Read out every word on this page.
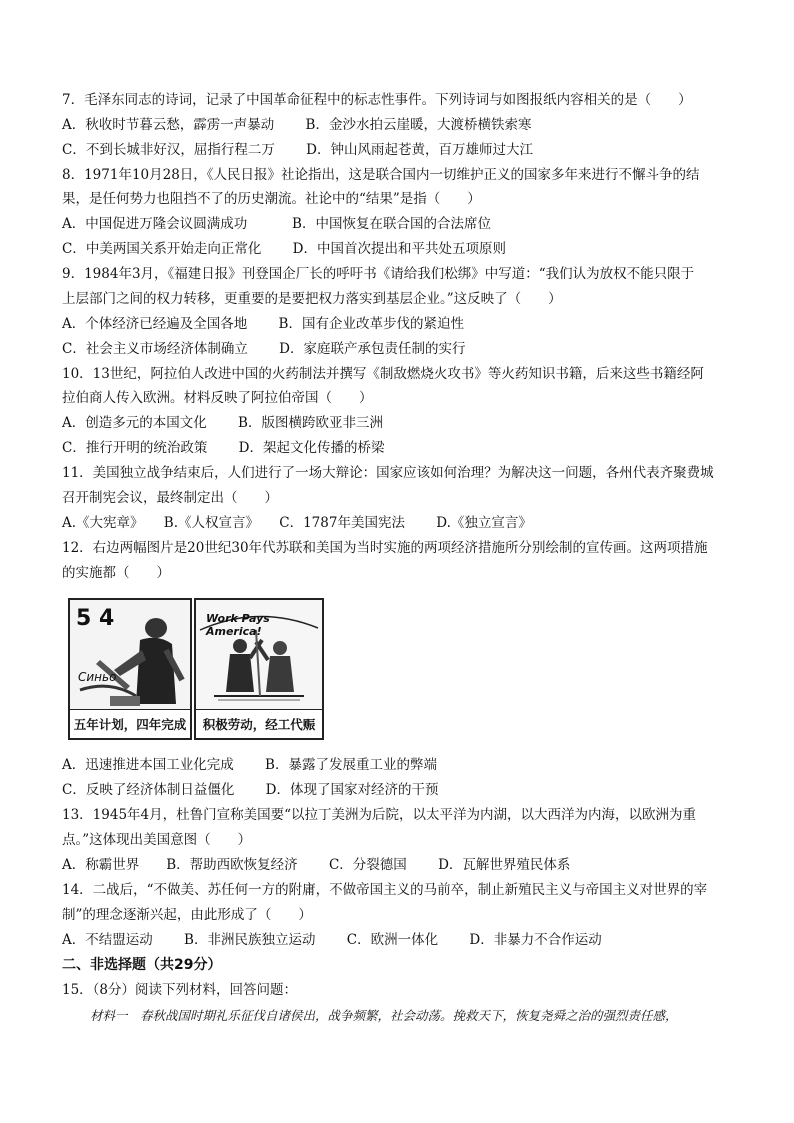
7．毛泽东同志的诗词，记录了中国革命征程中的标志性事件。下列诗词与如图报纸内容相关的是（　　）
A．秋收时节暮云愁，霹雳一声暴动　　 B．金沙水拍云崖暖，大渡桥横铁索寒
C．不到长城非好汉，屈指行程二万　　 D．钟山风雨起苍黄，百万雄师过大江
8．1971年10月28日，《人民日报》社论指出，这是联合国内一切维护正义的国家多年来进行不懈斗争的结
果，是任何势力也阻挡不了的历史潮流。社论中的“结果”是指（　　）
A．中国促进万隆会议圆满成功　　　 B．中国恢复在联合国的合法席位
C．中美两国关系开始走向正常化　　 D．中国首次提出和平共处五项原则
9．1984年3月，《福建日报》刊登国企厂长的呼吁书《请给我们松绑》中写道：“我们认为放权不能只限于
上层部门之间的权力转移，更重要的是要把权力落实到基层企业。”这反映了（　　）
A．个体经济已经遍及全国各地　　 B．国有企业改革步伐的紧迫性
C．社会主义市场经济体制确立　　 D．家庭联产承包责任制的实行
10．13世纪，阿拉伯人改进中国的火药制法并撰写《制敌燃烧火攻书》等火药知识书籍，后来这些书籍经阿
拉伯商人传入欧洲。材料反映了阿拉伯帝国（　　）
A．创造多元的本国文化　　 B．版图横跨欧亚非三洲
C．推行开明的统治政策　　 D．架起文化传播的桥梁
11．美国独立战争结束后，人们进行了一场大辩论：国家应该如何治理？为解决这一问题，各州代表齐聚费城
召开制宪会议，最终制定出（　　）
A.《大宪章》　　B.《人权宣言》　　C．1787年美国宪法　　 D.《独立宣言》
12．右边两幅图片是20世纪30年代苏联和美国为当时实施的两项经济措施所分别绘制的宣传画。这两项措施
的实施都（　　）
5 4
Синьо
五年计划，四年完成
Work Pays America!
积极劳动，经工代赈
A．迅速推进本国工业化完成　　 B．暴露了发展重工业的弊端
C．反映了经济体制日益僵化　　 D．体现了国家对经济的干预
13．1945年4月，杜鲁门宣称美国要“以拉丁美洲为后院，以太平洋为内湖，以大西洋为内海，以欧洲为重
点。”这体现出美国意图（　　）
A．称霸世界　　B．帮助西欧恢复经济　　 C．分裂德国　　 D．瓦解世界殖民体系
14．二战后，“不做美、苏任何一方的附庸，不做帝国主义的马前卒，制止新殖民主义与帝国主义对世界的宰
制”的理念逐渐兴起，由此形成了（　　）
A．不结盟运动　　 B．非洲民族独立运动　　 C．欧洲一体化　　 D．非暴力不合作运动
二、非选择题（共29分）
15．（8分）阅读下列材料，回答问题：
材料一　春秋战国时期礼乐征伐自诸侯出，战争频繁，社会动荡。挽救天下，恢复尧舜之治的强烈责任感，
